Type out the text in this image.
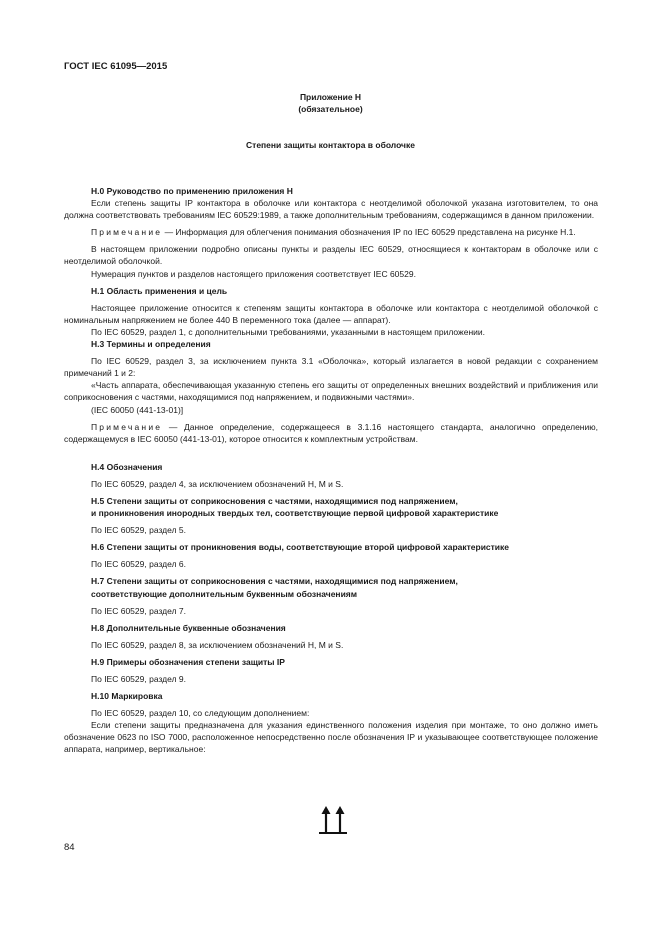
ГОСТ IEC 61095—2015
Приложение Н
(обязательное)
Степени защиты контактора в оболочке

Н.0 Руководство по применению приложения Н

Если степень защиты IP контактора в оболочке или контактора с неотделимой оболочкой указана изготовителем, то она должна соответствовать требованиям IEC 60529:1989, а также дополнительным требованиям, содержащимся в данном приложении.

Примечание — Информация для облегчения понимания обозначения IP по IEC 60529 представлена на рисунке Н.1.

В настоящем приложении подробно описаны пункты и разделы IEC 60529, относящиеся к контакторам в оболочке или с неотделимой оболочкой.

Нумерация пунктов и разделов настоящего приложения соответствует IEC 60529.

Н.1 Область применения и цель

Настоящее приложение относится к степеням защиты контактора в оболочке или контактора с неотделимой оболочкой с номинальным напряжением не более 440 В переменного тока (далее — аппарат).

По IEC 60529, раздел 1, с дополнительными требованиями, указанными в настоящем приложении.

Н.3 Термины и определения

По IEC 60529, раздел 3, за исключением пункта 3.1 «Оболочка», который излагается в новой редакции с сохранением примечаний 1 и 2:

«Часть аппарата, обеспечивающая указанную степень его защиты от определенных внешних воздействий и приближения или соприкосновения с частями, находящимися под напряжением, и подвижными частями».

(IEC 60050 (441-13-01)]

Примечание — Данное определение, содержащееся в 3.1.16 настоящего стандарта, аналогично определению, содержащемуся в IEC 60050 (441-13-01), которое относится к комплектным устройствам.

Н.4 Обозначения

По IEC 60529, раздел 4, за исключением обозначений Н, М и S.

Н.5 Степени защиты от соприкосновения с частями, находящимися под напряжением,

и проникновения инородных твердых тел, соответствующие первой цифровой характеристике

По IEC 60529, раздел 5.

Н.6 Степени защиты от проникновения воды, соответствующие второй цифровой характеристике

По IEC 60529, раздел 6.

Н.7 Степени защиты от соприкосновения с частями, находящимися под напряжением,

соответствующие дополнительным буквенным обозначениям

По IEC 60529, раздел 7.

Н.8 Дополнительные буквенные обозначения

По IEC 60529, раздел 8, за исключением обозначений Н, М и S.

Н.9 Примеры обозначения степени защиты IP

По IEC 60529, раздел 9.

Н.10 Маркировка

По IEC 60529, раздел 10, со следующим дополнением:

Если степени защиты предназначена для указания единственного положения изделия при монтаже, то оно должно иметь обозначение 0623 по ISO 7000, расположенное непосредственно после обозначения IP и указывающее соответствующее положение аппарата, например, вертикальное:

84
